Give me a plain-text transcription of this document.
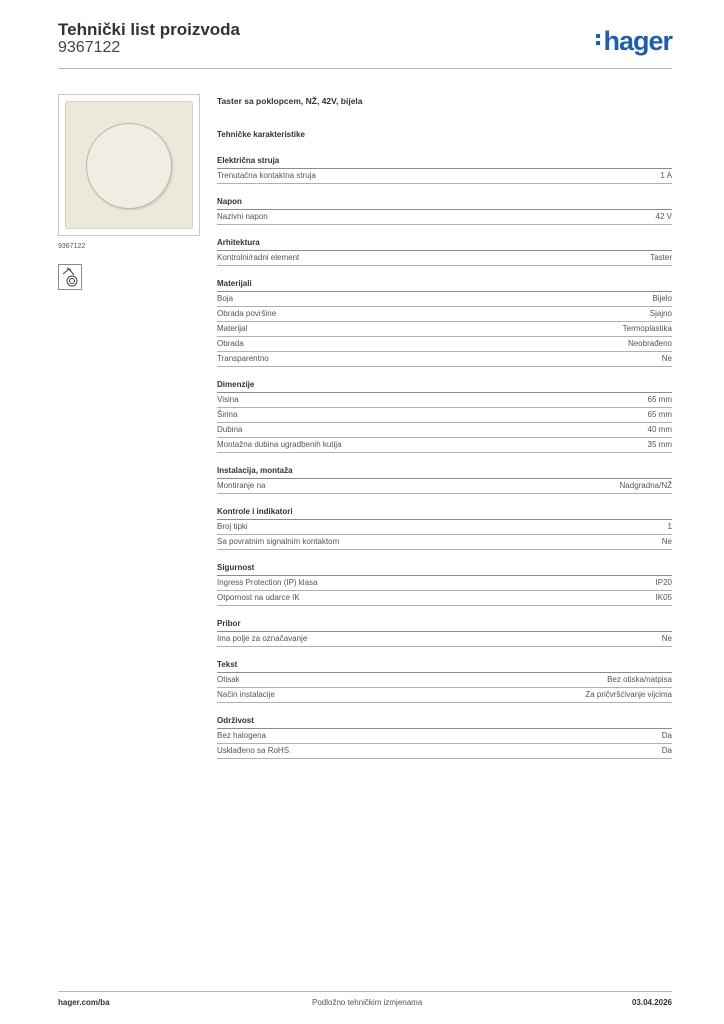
Tehnički list proizvoda
9367122	hager
9367122
Taster sa poklopcem, NŽ, 42V, bijela
Tehničke karakteristike
Električna struja
Trenutačna kontaktna struja	1 A
Napon
Nazivni napon	42 V
Arhitektura
Kontrolni/radni element	Taster
Materijali
Boja	Bijelo
Obrada površine	Sjajno
Materijal	Termoplastika
Obrada	Neobrađeno
Transparentno	Ne
Dimenzije
Visina	65 mm
Širina	65 mm
Dubina	40 mm
Montažna dubina ugradbenih kutija	35 mm
Instalacija, montaža
Montiranje na	Nadgradna/NŽ
Kontrole i indikatori
Broj tipki	1
Sa povratnim signalnim kontaktom	Ne
Sigurnost
Ingress Protection (IP) klasa	IP20
Otpornost na udarce IK	IK05
Pribor
Ima polje za označavanje	Ne
Tekst
Otisak	Bez otiska/natpisa
Način instalacije	Za pričvršćivanje vijcima
Održivost
Bez halogena	Da
Usklađeno sa RoHS	Da
hager.com/ba	Podložno tehničkim izmjenama	03.04.2026
